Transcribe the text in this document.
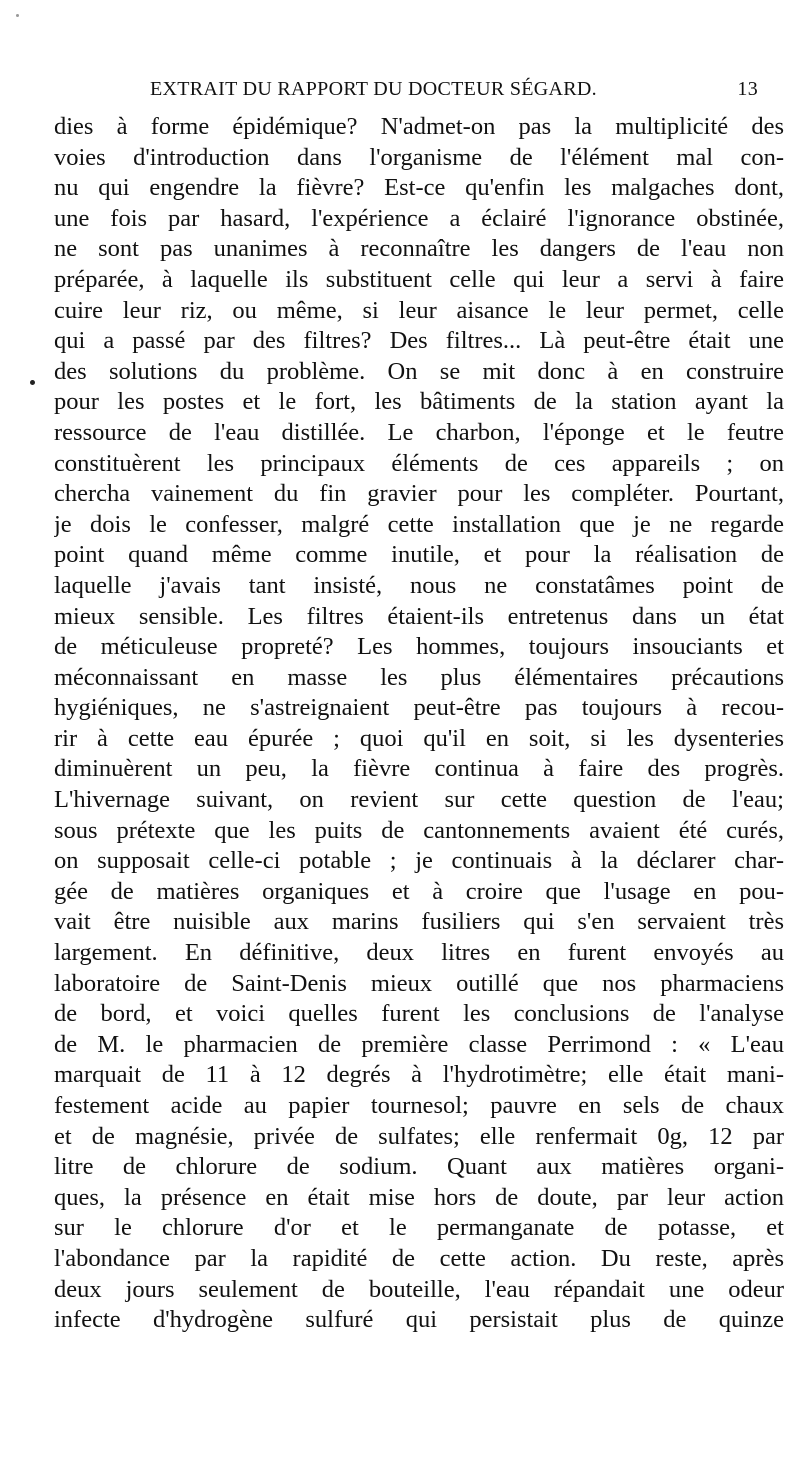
EXTRAIT DU RAPPORT DU DOCTEUR SÉGARD.	13
dies à forme épidémique? N'admet-on pas la multiplicité des
voies d'introduction dans l'organisme de l'élément mal con-
nu qui engendre la fièvre? Est-ce qu'enfin les malgaches dont,
une fois par hasard, l'expérience a éclairé l'ignorance obstinée,
ne sont pas unanimes à reconnaître les dangers de l'eau non
préparée, à laquelle ils substituent celle qui leur a servi à faire
cuire leur riz, ou même, si leur aisance le leur permet, celle
qui a passé par des filtres? Des filtres... Là peut-être était une
des solutions du problème. On se mit donc à en construire
pour les postes et le fort, les bâtiments de la station ayant la
ressource de l'eau distillée. Le charbon, l'éponge et le feutre
constituèrent les principaux éléments de ces appareils ; on
chercha vainement du fin gravier pour les compléter. Pourtant,
je dois le confesser, malgré cette installation que je ne regarde
point quand même comme inutile, et pour la réalisation de
laquelle j'avais tant insisté, nous ne constatâmes point de
mieux sensible. Les filtres étaient-ils entretenus dans un état
de méticuleuse propreté? Les hommes, toujours insouciants et
méconnaissant en masse les plus élémentaires précautions
hygiéniques, ne s'astreignaient peut-être pas toujours à recou-
rir à cette eau épurée ; quoi qu'il en soit, si les dysenteries
diminuèrent un peu, la fièvre continua à faire des progrès.
L'hivernage suivant, on revient sur cette question de l'eau;
sous prétexte que les puits de cantonnements avaient été curés,
on supposait celle-ci potable ; je continuais à la déclarer char-
gée de matières organiques et à croire que l'usage en pou-
vait être nuisible aux marins fusiliers qui s'en servaient très
largement. En définitive, deux litres en furent envoyés au
laboratoire de Saint-Denis mieux outillé que nos pharmaciens
de bord, et voici quelles furent les conclusions de l'analyse
de M. le pharmacien de première classe Perrimond : « L'eau
marquait de 11 à 12 degrés à l'hydrotimètre; elle était mani-
festement acide au papier tournesol; pauvre en sels de chaux
et de magnésie, privée de sulfates; elle renfermait 0g, 12 par
litre de chlorure de sodium. Quant aux matières organi-
ques, la présence en était mise hors de doute, par leur action
sur le chlorure d'or et le permanganate de potasse, et
l'abondance par la rapidité de cette action. Du reste, après
deux jours seulement de bouteille, l'eau répandait une odeur
infecte d'hydrogène sulfuré qui persistait plus de quinze
